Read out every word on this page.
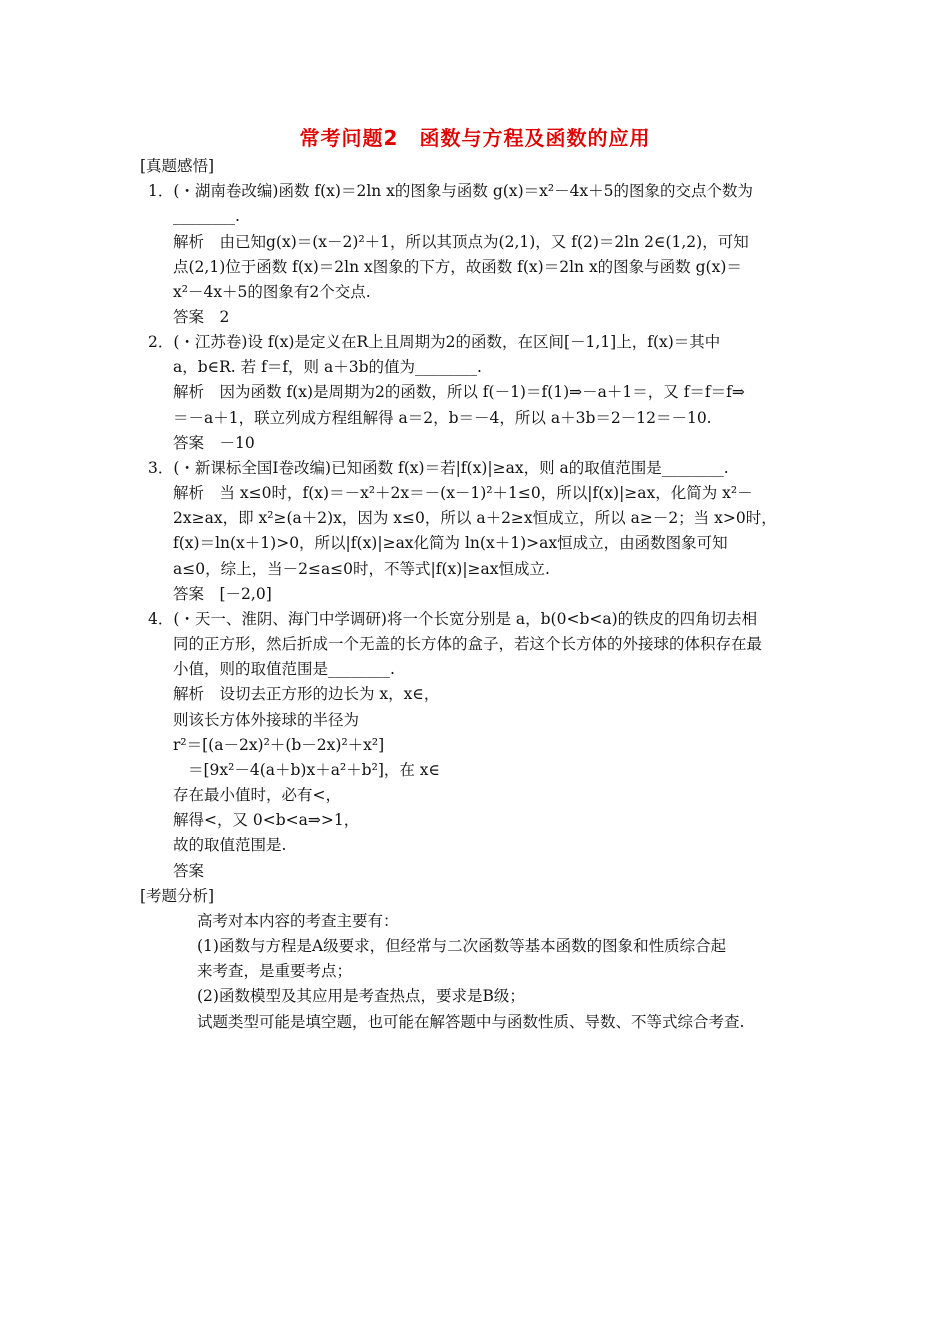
常考问题2　函数与方程及函数的应用
[真题感悟]
1．(・湖南卷改编)函数 f(x)＝2ln x的图象与函数 g(x)＝x²－4x＋5的图象的交点个数为
________.
解析　由已知g(x)＝(x－2)²＋1，所以其顶点为(2,1)，又 f(2)＝2ln 2∈(1,2)，可知
点(2,1)位于函数 f(x)＝2ln x图象的下方，故函数 f(x)＝2ln x的图象与函数 g(x)＝
x²－4x＋5的图象有2个交点.
答案　2
2．(・江苏卷)设 f(x)是定义在R上且周期为2的函数，在区间[－1,1]上，f(x)＝其中
a，b∈R. 若 f＝f，则 a＋3b的值为________.
解析　因为函数 f(x)是周期为2的函数，所以 f(－1)＝f(1)⇒－a＋1＝，又 f＝f＝f⇒
＝－a＋1，联立列成方程组解得 a＝2，b＝－4，所以 a＋3b＝2－12＝－10.
答案　－10
3．(・新课标全国Ⅰ卷改编)已知函数 f(x)＝若|f(x)|≥ax，则 a的取值范围是________.
解析　当 x≤0时，f(x)＝－x²＋2x＝－(x－1)²＋1≤0，所以|f(x)|≥ax，化简为 x²－
2x≥ax，即 x²≥(a＋2)x，因为 x≤0，所以 a＋2≥x恒成立，所以 a≥－2；当 x>0时，
f(x)＝ln(x＋1)>0，所以|f(x)|≥ax化简为 ln(x＋1)>ax恒成立，由函数图象可知
a≤0，综上，当－2≤a≤0时，不等式|f(x)|≥ax恒成立.
答案　[－2,0]
4．(・天一、淮阴、海门中学调研)将一个长宽分别是 a，b(0<b<a)的铁皮的四角切去相
同的正方形，然后折成一个无盖的长方体的盒子，若这个长方体的外接球的体积存在最
小值，则的取值范围是________.
解析　设切去正方形的边长为 x，x∈，
则该长方体外接球的半径为
r²＝[(a－2x)²＋(b－2x)²＋x²]
＝[9x²－4(a＋b)x＋a²＋b²]，在 x∈
存在最小值时，必有<，
解得<，又 0<b<a⇒>1，
故的取值范围是.
答案
[考题分析]
高考对本内容的考查主要有：
(1)函数与方程是A级要求，但经常与二次函数等基本函数的图象和性质综合起
来考查，是重要考点；
(2)函数模型及其应用是考查热点，要求是B级；
试题类型可能是填空题，也可能在解答题中与函数性质、导数、不等式综合考查.
